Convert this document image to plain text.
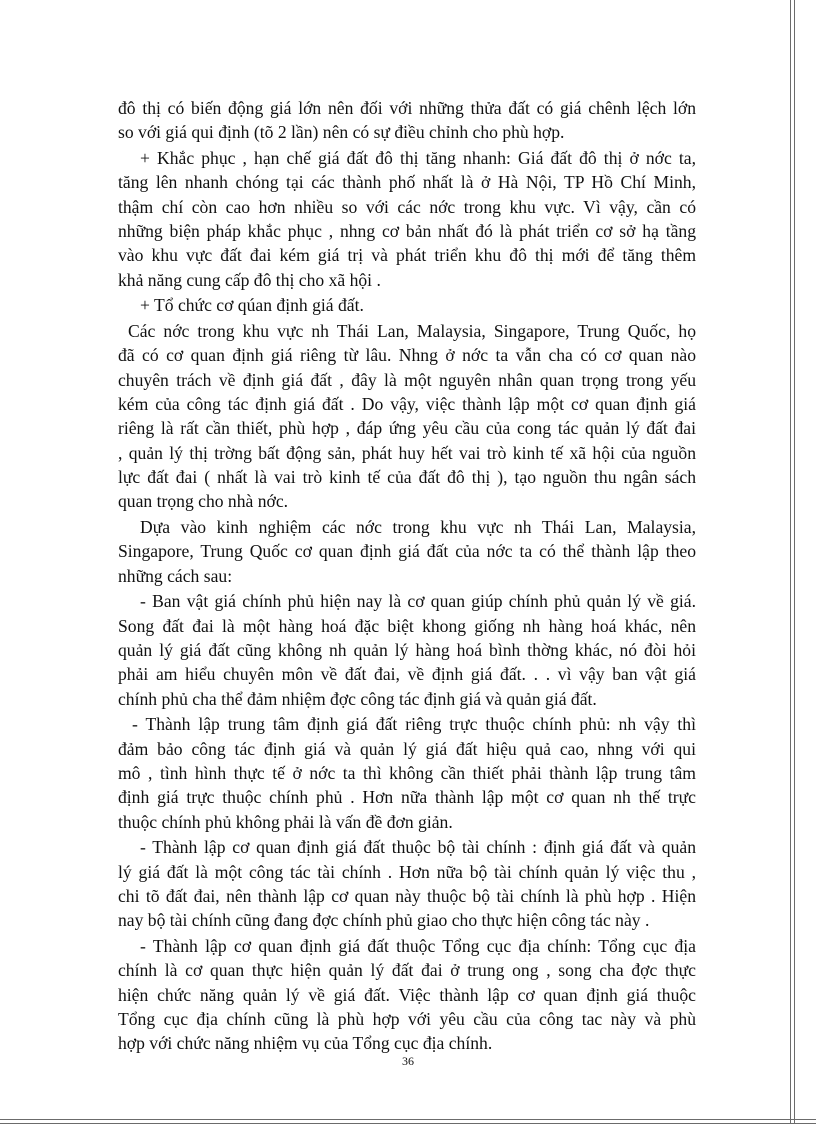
đô thị có biến động giá lớn nên đối với những thửa đất có giá chênh lệch lớn
so với giá qui định (tõ 2 lần) nên có sự điều chỉnh cho phù hợp.
+ Khắc phục , hạn chế giá đất đô thị tăng nhanh: Giá đất đô thị ở nớc ta,
tăng lên nhanh chóng tại các thành phố nhất là ở Hà Nội, TP Hồ Chí Minh,
thậm chí còn cao hơn nhiều so với các nớc trong khu vực. Vì vậy, cần có
những biện pháp khắc phục , nhng cơ bản nhất đó là phát triển cơ sở hạ tầng
vào khu vực đất đai kém giá trị và phát triển khu đô thị mới để tăng thêm
khả năng cung cấp đô thị cho xã hội .
+ Tổ chức cơ qúan định giá đất.
Các nớc trong khu vực nh Thái Lan, Malaysia, Singapore, Trung Quốc, họ
đã có cơ quan định giá riêng từ lâu. Nhng ở nớc ta vẫn cha có cơ quan nào
chuyên trách về định giá đất , đây là một nguyên nhân quan trọng trong yếu
kém của công tác định giá đất . Do vậy, việc thành lập một cơ quan định giá
riêng là rất cần thiết, phù hợp , đáp ứng yêu cầu của cong tác quản lý đất đai
, quản lý thị trờng bất động sản, phát huy hết vai trò kinh tế xã hội của nguồn
lực đất đai ( nhất là vai trò kinh tế của đất đô thị ), tạo nguồn thu ngân sách
quan trọng cho nhà nớc.
Dựa vào kinh nghiệm các nớc trong khu vực nh Thái Lan, Malaysia,
Singapore, Trung Quốc cơ quan định giá đất của nớc ta có thể thành lập theo
những cách sau:
- Ban vật giá chính phủ hiện nay là cơ quan giúp chính phủ quản lý về giá.
Song đất đai là một hàng hoá đặc biệt khong giống nh hàng hoá khác, nên
quản lý giá đất cũng không nh quản lý hàng hoá bình thờng khác, nó đòi hỏi
phải am hiểu chuyên môn về đất đai, về định giá đất. . . vì vậy ban vật giá
chính phủ cha thể đảm nhiệm đợc công tác định giá và quản giá đất.
- Thành lập trung tâm định giá đất riêng trực thuộc chính phủ: nh vậy thì
đảm bảo công tác định giá và quản lý giá đất hiệu quả cao, nhng với qui
mô , tình hình thực tế ở nớc ta thì không cần thiết phải thành lập trung tâm
định giá trực thuộc chính phủ . Hơn nữa thành lập một cơ quan nh thế trực
thuộc chính phủ không phải là vấn đề đơn giản.
- Thành lập cơ quan định giá đất thuộc bộ tài chính : định giá đất và quản
lý giá đất là một công tác tài chính . Hơn nữa bộ tài chính quản lý việc thu ,
chi tõ đất đai, nên thành lập cơ quan này thuộc bộ tài chính là phù hợp . Hiện
nay bộ tài chính cũng đang đợc chính phủ giao cho thực hiện công tác này .
- Thành lập cơ quan định giá đất thuộc Tổng cục địa chính: Tổng cục địa
chính là cơ quan thực hiện quản lý đất đai ở trung ong , song cha đợc thực
hiện chức năng quản lý về giá đất. Việc thành lập cơ quan định giá thuộc
Tổng cục địa chính cũng là phù hợp với yêu cầu của công tac này và phù
hợp với chức năng nhiệm vụ của Tổng cục địa chính.
36
